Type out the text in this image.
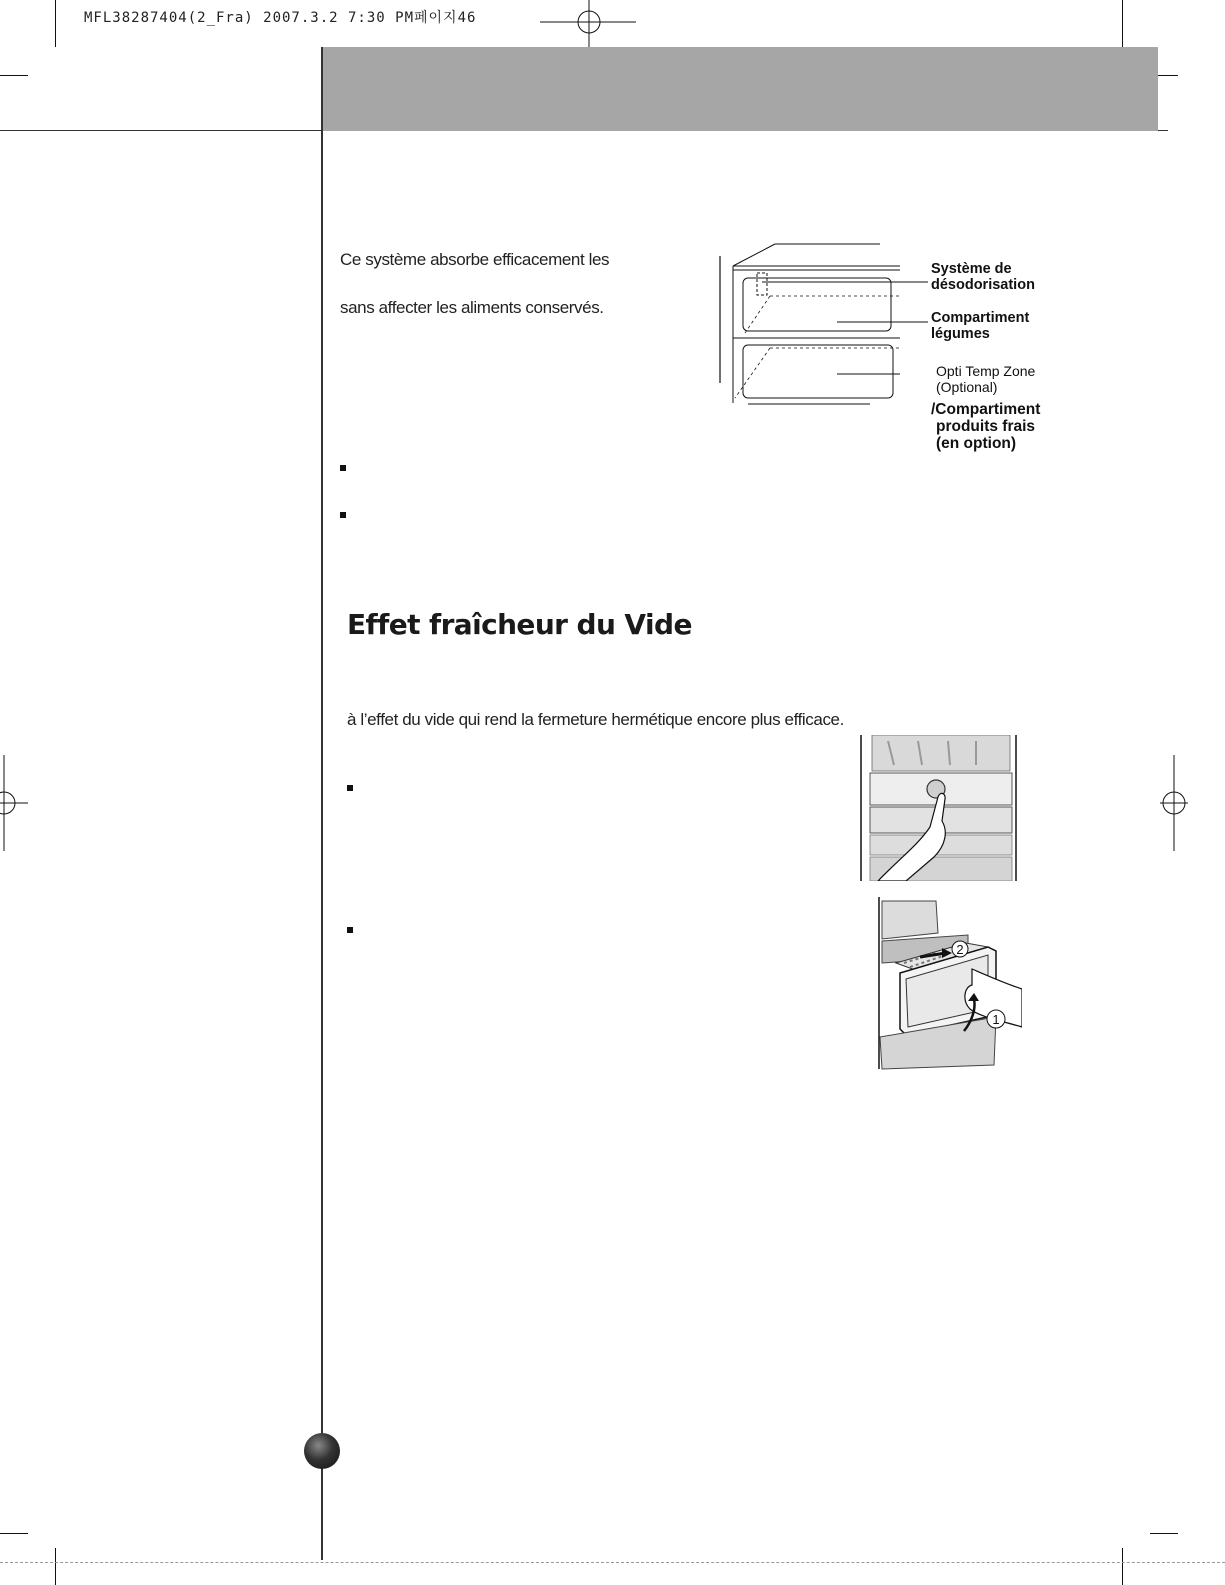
MFL38287404(2_Fra) 2007.3.2 7:30 PM페이지46
Ce système absorbe efficacement les
sans affecter les aliments conservés.
Système de
désodorisation
Compartiment
légumes
Opti Temp Zone
(Optional)
/Compartiment
produits frais
(en option)
Effet fraîcheur du Vide
à l’effet du vide qui rend la fermeture hermétique encore plus efficace.
2
1
